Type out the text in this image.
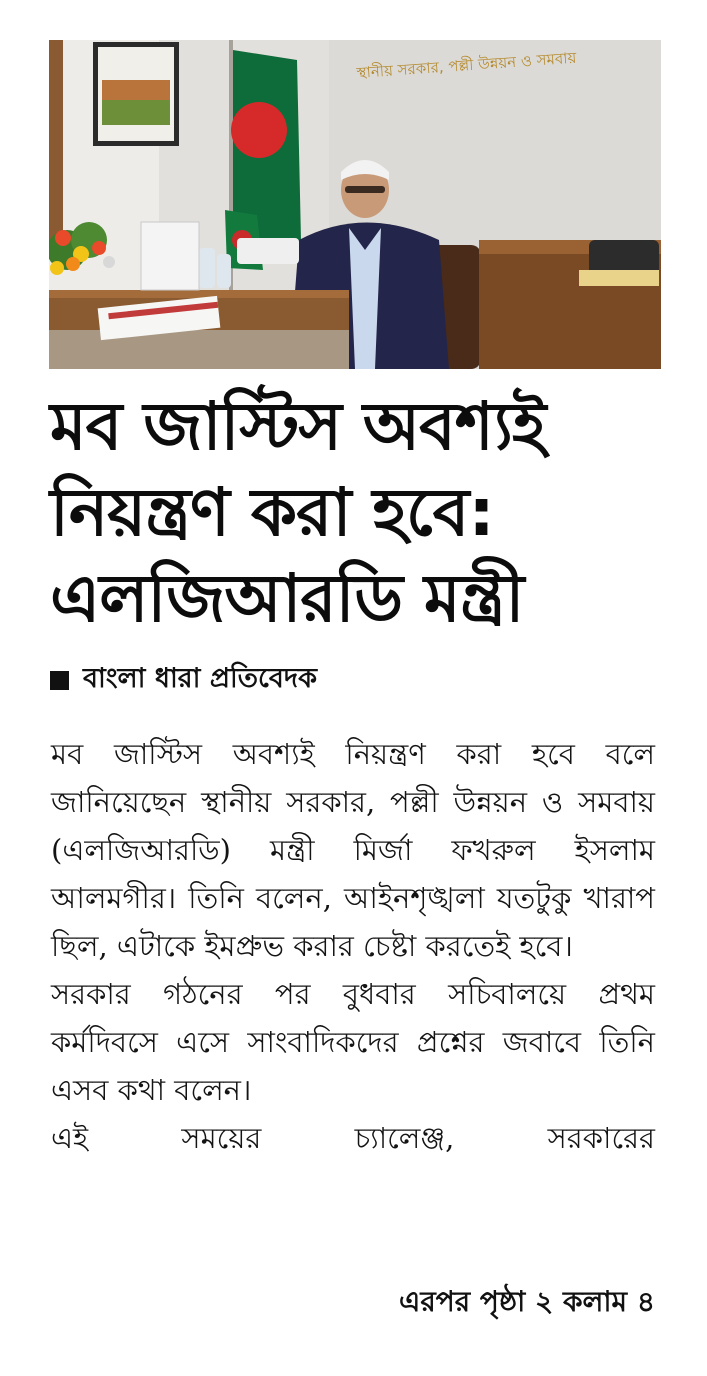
স্থানীয় সরকার, পল্লী উন্নয়ন ও সমবায়
মব জাস্টিস অবশ্যই
নিয়ন্ত্রণ করা হবে:
এলজিআরডি মন্ত্রী
বাংলা ধারা প্রতিবেদক

মব জাস্টিস অবশ্যই নিয়ন্ত্রণ করা হবে বলে জানিয়েছেন স্থানীয় সরকার, পল্লী উন্নয়ন ও সমবায় (এলজিআরডি) মন্ত্রী মির্জা ফখরুল ইসলাম আলমগীর। তিনি বলেন, আইনশৃঙ্খলা যতটুকু খারাপ ছিল, এটাকে ইমপ্রুভ করার চেষ্টা করতেই হবে।

সরকার গঠনের পর বুধবার সচিবালয়ে প্রথম কর্মদিবসে এসে সাংবাদিকদের প্রশ্নের জবাবে তিনি এসব কথা বলেন।

এই সময়ের চ্যালেঞ্জ, সরকারের

এরপর পৃষ্ঠা ২ কলাম ৪
